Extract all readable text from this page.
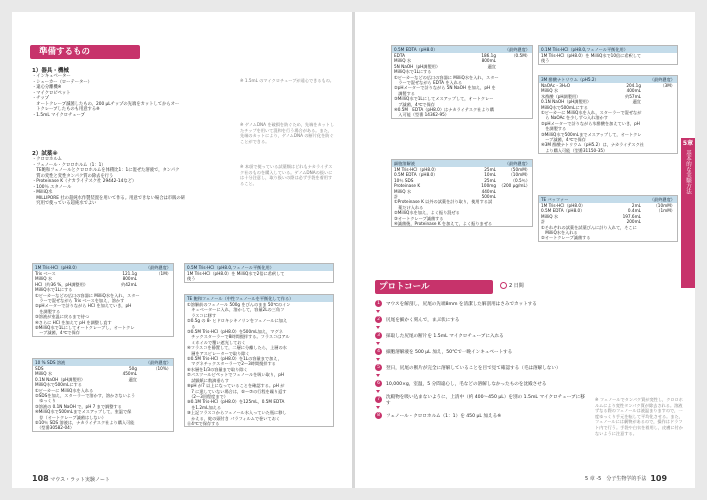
準備するもの
1）器具・機械
・インキュベーター
・シェーカー（ローテーター）
・遠心分離機※
・マイクロピペット
・チップ
　オートクレーブ滅菌したもの。200 μLチップの先端をカットしてからオー
　トクレーブしたものも用意する※
・1.5mL マイクロチューブ
2）試薬※
・クロロホルム
・フェノール・クロロホルム（1：1）
　TE飽和フェノールとクロロホルムを体積比1：1に混ぜた溶液で，タンパク
　質の変性と変性タンパク質の除去を行う
・Proteinase K（ナカライテスク社 29442-14など）
・100％ エタノール
・MilliQ水
　MILLIPORE 社の超純水作製装置を用いて作る。用意できない場合は市販の研
　究用で使っている超純水でよい
※ 1.5mL のマイクロチューブが遠心できるもの。
※ ゲノムDNA を破損を防ぐため，先端をカットしたチップを用いて混和を行う場合がある。また，先端のカットにより，ゲノムDNA の断片化を防ぐことができる。
※ 本項で使っている試薬類はどれもナカライテスク社のものを購入している。ゲノムDNAの扱いには十分注意し，取り扱いの際は必ず手袋を着用すること。
1M Tris-HCl（pH8.0）	（最終濃度）
Tris ベース	121.1g	（1M）
MilliQ 水	800mL
HCl（約36 %，pH調整用）	約42mL
MilliQ水で1Lにする
①ビーカーなどの広口の容器に MilliQ水を入れ，スター
　ラーで混ぜながら Tris ベースを加え，溶かす
②pHメーターで計りながら HCl を加えていき，pH
　を調製する
③溶液が室温に戻るまで待つ
④さらに HCl を加えて pH を調整し直す
⑤MilliQ水で1Lにしてオートクレーブし，オートクレ
　ーブ滅菌，4℃で保存
10 % SDS 溶液	（最終濃度）
SDS	50g	（10%）
MilliQ 水	450mL
0.1N NaOH（pH調製用）	適宜
MilliQ水で500mLにする
①ビーカーに MilliQ水を入れる
②SDSを加え，スターラーで溶かす，溶かさないよう
　ゆっくり
③溶液の 0.1N NaOH で，pH 7 まで調整する
④MilliQ水で500mLまでメスアップして，室温で保
　存（オートクレーブ滅菌はしない）
⑤10％ SDS 溶液は，ナカライテスク社より購入可能
　（型番30582-04）
0.5M Tris-HCl（pH8.0,フェノール平衡化用）
1M Tris-HCl（pH8.0）を MilliQ水で2倍に希釈して
使う
TE 飽和フェノール（中性フェノールを平衡化して作る）
①溶解前のフェノール 500g をびんのまま 50℃のイン
　キュベーターに入れ，溶かして，容量2Lの三角フ
　ラスコに移す
②0.5g の 8- ヒドロキシキノリンをフェノールに加え
　る
③0.5M Tris-HCl（pH8.0）を500mL加え，マグネ
　チックスターラーで8時間撹拌する。フラスコはアル
　ミホイルで覆い遮光しておく
④フラスコを静置して，二層に分離したら，上層の水
　層をアスピレーターで取り除く
⑤0.5M Tris-HCl（pH8.0）を1Lの容量まで加え，
　マグネチックスターラーで2〜3時間撹拌する
⑥水層を1/3の容量まで取り除く
⑦パスツールピペットでフェノールを吸い取り，pH
　試験紙に数滴垂らす
⑧pH が7 以上になっていることを確認する。pH が
　7 に達していない場合は，⑤〜⑦の行程を繰り返す
　（2〜3回程度まで）
⑨0.1M Tris-HCl（pH8.0）を125mL，0.5M EDTA
　を1.2mL加える
⑩上記フラスコからフェノール水入っていた瓶に移し
　かえる，蛇の頭付き パラフィルムで巻いておく
⑪4℃で保存する
108 マウス・ラット実験ノート
0.5M EDTA（pH8.0）	（最終濃度）
EDTA	186.1g	（0.5M）
MilliQ 水	800mL
5N NaOH（pH調製用）	適宜
MilliQ水で1Lにする
①ビーカーなどの広口の容器に MilliQ水を入れ，スター
　ラーで混ぜながら EDTA を入れる
②pHメーターで計りながら 5N NaOH を加え，pH を
　調製する
③MilliQ水で1Lにしてメスアップして，オートクレー
　ブ滅菌，4℃で保存
④0.5M　EDTA（pH8.0）はナカライテスク社より購
　入可能（型番 14362-95）
細胞溶解液	（最終濃度）
1M Tris-HCl（pH8.0）	25mL	（50mM）
0.5M EDTA（pH8.0）	10mL	（10mM）
10％ SDS	25mL	（0.5％）
Proteinase K	100mg （200 μg/mL）
MilliQ 水	440mL
計	500mL
①Proteinase K 以外の試薬を計り取り，使用する試
　薬だけ入れる
②MilliQ水を加え，よく振り混ぜる
③オートクレーブ滅菌する
④滅菌後，Proteinase K を加えて，よく振りまぜる
0.1M Tris-HCl（pH8.0,フェノール平衡化用）
1M Tris-HCl（pH8.0）を MilliQ水で10倍に希釈して
使う
3M 酢酸ナトリウム（pH5.2）	（最終濃度）
NaOAc・3H₂O	204.1g	（3M）
MilliQ 水	400mL
氷酢酸（pH調製用）	約57mL
0.1N NaOH（pH調製用）	適宜
MilliQ水で500mLにする
①ビーカーに MilliQ水を入れ，スターラーで混ぜなが
　ら NaOAc を少しずつ入れ溶かす
②pHメーターで計りながら氷酢酸を加えていき，pH
　を調製する
③MilliQ水で500mLまでメスアップして，オートクレ
　ーブ滅菌，4℃で保存
④3M 酢酸ナトリウム（pH5.2）は，ナカライテスク社
　より購入可能（型番31150-35）
TE バッファー	（最終濃度）
1M Tris-HCl（pH8.0）	2mL	（10mM）
0.5M EDTA（pH8.0）	0.4mL	（1mM）
MilliQ 水	197.6mL
計	200mL
①それぞれの試薬を試薬びんに計り入れて，そこに
　MilliQ水を入れる
②オートクレーブ滅菌する
プロトコール	2 日間
1	マウスを解剖し，尻尾の先端8mm を清潔した解剖用はさみでカットする
2	尻尾を細かく刻んで，まぶ状にする
3	採取した尻尾の断片を 1.5mL マイクロチューブに入れる
4	細胞溶解液を 500 μL 加え，50℃で一晩インキュベートする
5	翌日，尻尾の断片が完全に溶解していることを目で見て確認する（毛は溶解しない）
6	10,000×g，室温，5 分間遠心し，毛などの溶解しなかったものを沈殿させる
7	沈殿物を吸い込まないように，上清中（約 400〜450 μL）を別の 1.5mL マイクロチューブに移す
8	フェノール・クロロホルム（1：1）を 450 μL 加える※
※ フェノールでタンパク質が変性し，クロロホルムにより変性タンパク質が除去される。溶液ずなる際のフェノールは液温まりますので，一度ゆっくり手元を転して平均化させる。また，フェノールには劇物があるので，操作はドラフト内で行う。手袋や白衣を着用し，皮膚に付かないように注意する。
5 章 -5　分子生物学的手法 109
5章
基本的な実験方法
